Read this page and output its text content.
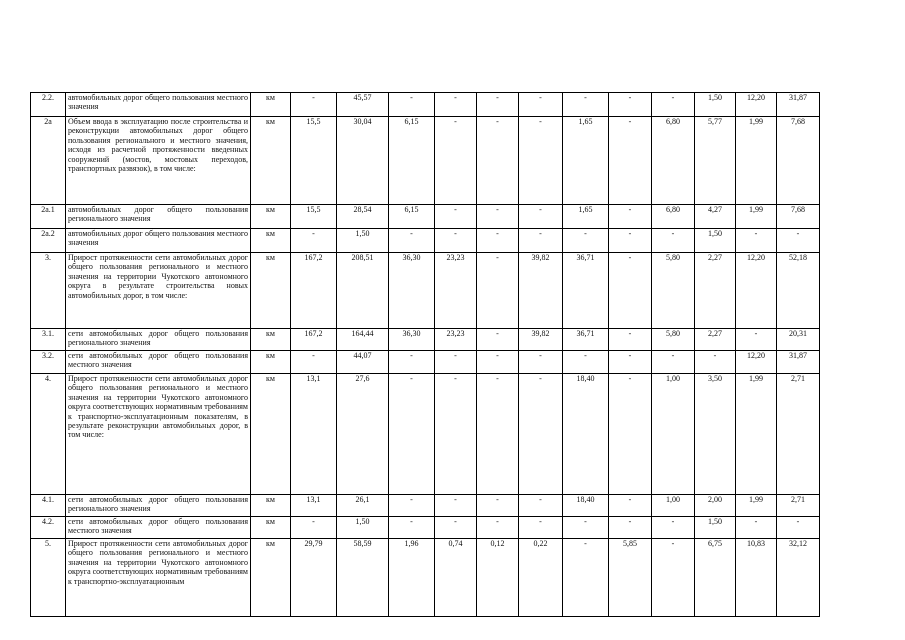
2.2.	автомобильных дорог общего пользования местного значения	км	-	45,57	-	-	-	-	-	-	-	1,50	12,20	31,87
2а	Объем ввода в эксплуатацию после строительства и реконструкции автомобильных дорог общего пользования регионального и местного значения, исходя из расчетной протяженности введенных сооружений (мостов, мостовых переходов, транспортных развязок), в том числе:	км	15,5	30,04	6,15	-	-	-	1,65	-	6,80	5,77	1,99	7,68
2а.1	автомобильных дорог общего пользования регионального значения	км	15,5	28,54	6,15	-	-	-	1,65	-	6,80	4,27	1,99	7,68
2а.2	автомобильных дорог общего пользования местного значения	км	-	1,50	-	-	-	-	-	-	-	1,50	-	-
3.	Прирост протяженности сети автомобильных дорог общего пользования регионального и местного значения на территории Чукотского автономного округа в результате строительства новых автомобильных дорог, в том числе:	км	167,2	208,51	36,30	23,23	-	39,82	36,71	-	5,80	2,27	12,20	52,18
3.1.	сети автомобильных дорог общего пользования регионального значения	км	167,2	164,44	36,30	23,23	-	39,82	36,71	-	5,80	2,27	-	20,31
3.2.	сети автомобильных дорог общего пользования местного значения	км	-	44,07	-	-	-	-	-	-	-	-	12,20	31,87
4.	Прирост протяженности сети автомобильных дорог общего пользования регионального и местного значения на территории Чукотского автономного округа соответствующих нормативным требованиям к транспортно-эксплуатационным показателям, в результате реконструкции автомобильных дорог, в том числе:	км	13,1	27,6	-	-	-	-	18,40	-	1,00	3,50	1,99	2,71
4.1.	сети автомобильных дорог общего пользования регионального значения	км	13,1	26,1	-	-	-	-	18,40	-	1,00	2,00	1,99	2,71
4.2.	сети автомобильных дорог общего пользования местного значения	км	-	1,50	-	-	-	-	-	-	-	1,50	-	-
5.	Прирост протяженности сети автомобильных дорог общего пользования регионального и местного значения на территории Чукотского автономного округа соответствующих нормативным требованиям к транспортно-эксплуатационным	км	29,79	58,59	1,96	0,74	0,12	0,22	-	5,85	-	6,75	10,83	32,12
